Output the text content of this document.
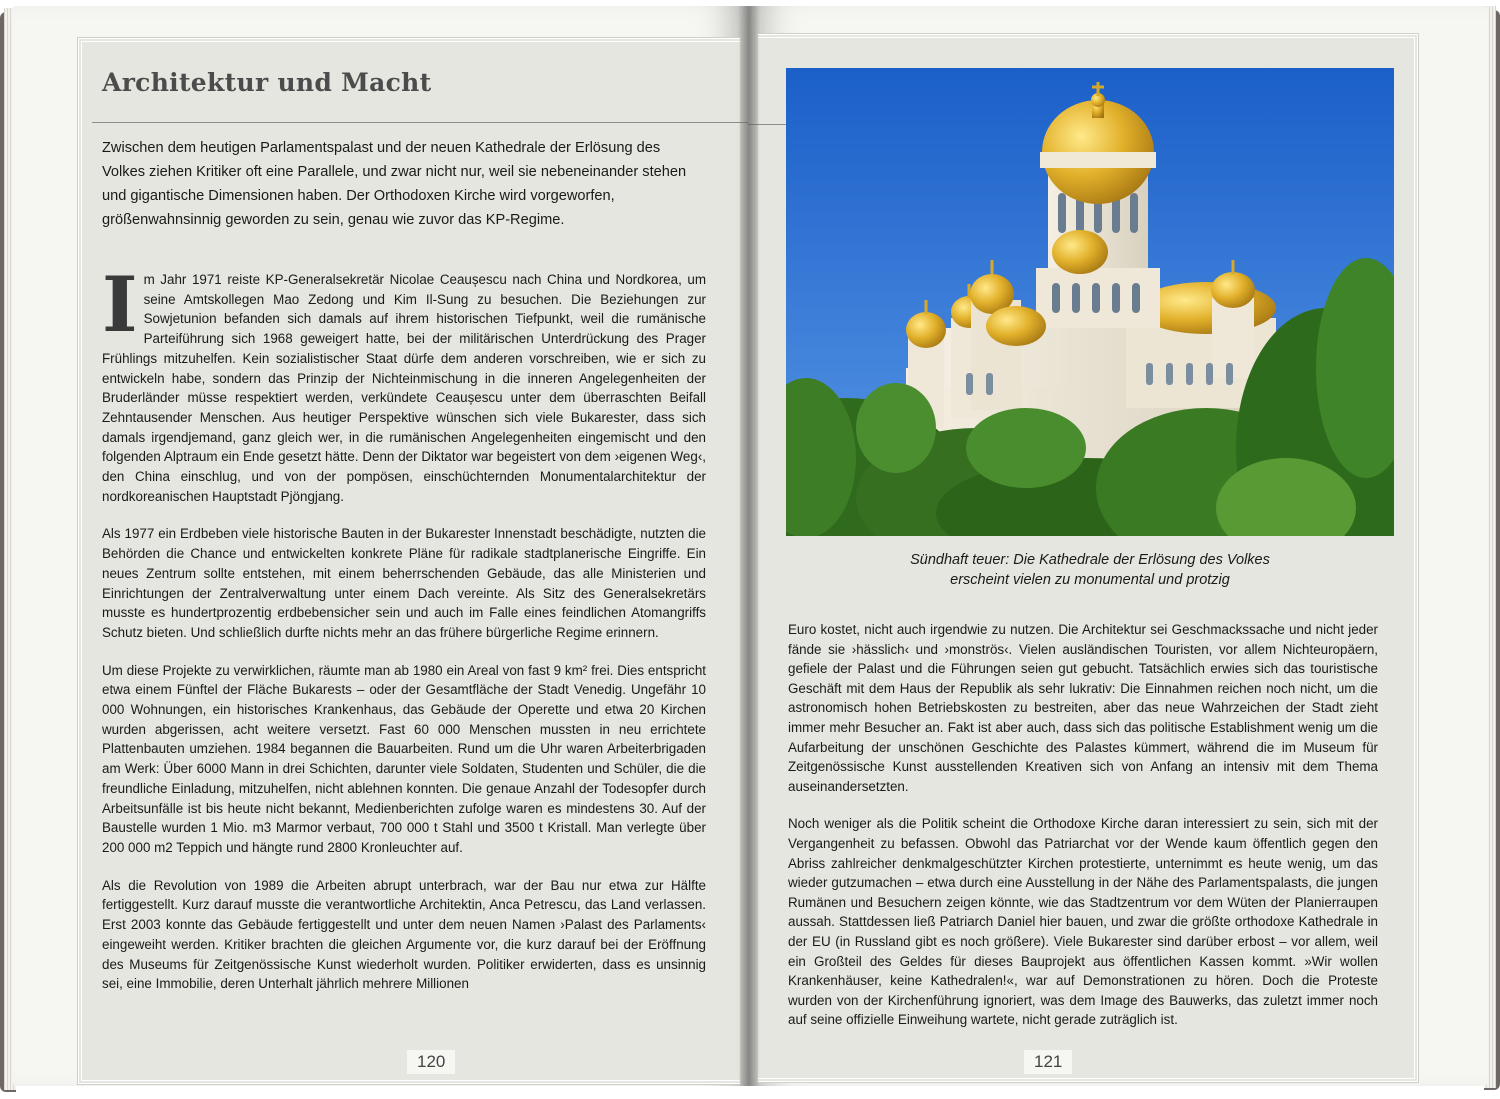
Architektur und Macht
Zwischen dem heutigen Parlamentspalast und der neuen Kathedrale der Erlösung des Volkes ziehen Kritiker oft eine Parallele, und zwar nicht nur, weil sie nebeneinander stehen und gigantische Dimensionen haben. Der Orthodoxen Kirche wird vorgeworfen, größenwahnsinnig geworden zu sein, genau wie zuvor das KP-Regime.

Im Jahr 1971 reiste KP-Generalsekretär Nicolae Ceaușescu nach China und Nordkorea, um seine Amtskollegen Mao Zedong und Kim Il-Sung zu besuchen. Die Beziehungen zur Sowjetunion befanden sich damals auf ihrem historischen Tiefpunkt, weil die rumänische Parteiführung sich 1968 geweigert hatte, bei der militärischen Unterdrückung des Prager Frühlings mitzuhelfen. Kein sozialistischer Staat dürfe dem anderen vorschreiben, wie er sich zu entwickeln habe, sondern das Prinzip der Nichteinmischung in die inneren Angelegenheiten der Bruderländer müsse respektiert werden, verkündete Ceaușescu unter dem überraschten Beifall Zehntausender Menschen. Aus heutiger Perspektive wünschen sich viele Bukarester, dass sich damals irgendjemand, ganz gleich wer, in die rumänischen Angelegenheiten eingemischt und den folgenden Alptraum ein Ende gesetzt hätte. Denn der Diktator war begeistert von dem ›eigenen Weg‹, den China einschlug, und von der pompösen, einschüchternden Monumentalarchitektur der nordkoreanischen Hauptstadt Pjöngjang.

Als 1977 ein Erdbeben viele historische Bauten in der Bukarester Innenstadt beschädigte, nutzten die Behörden die Chance und entwickelten konkrete Pläne für radikale stadtplanerische Eingriffe. Ein neues Zentrum sollte entstehen, mit einem beherrschenden Gebäude, das alle Ministerien und Einrichtungen der Zentralverwaltung unter einem Dach vereinte. Als Sitz des Generalsekretärs musste es hundertprozentig erdbebensicher sein und auch im Falle eines feindlichen Atomangriffs Schutz bieten. Und schließlich durfte nichts mehr an das frühere bürgerliche Regime erinnern.

Um diese Projekte zu verwirklichen, räumte man ab 1980 ein Areal von fast 9 km² frei. Dies entspricht etwa einem Fünftel der Fläche Bukarests – oder der Gesamtfläche der Stadt Venedig. Ungefähr 10 000 Wohnungen, ein historisches Krankenhaus, das Gebäude der Operette und etwa 20 Kirchen wurden abgerissen, acht weitere versetzt. Fast 60 000 Menschen mussten in neu errichtete Plattenbauten umziehen. 1984 begannen die Bauarbeiten. Rund um die Uhr waren Arbeiterbrigaden am Werk: Über 6000 Mann in drei Schichten, darunter viele Soldaten, Studenten und Schüler, die die freundliche Einladung, mitzuhelfen, nicht ablehnen konnten. Die genaue Anzahl der Todesopfer durch Arbeitsunfälle ist bis heute nicht bekannt, Medienberichten zufolge waren es mindestens 30. Auf der Baustelle wurden 1 Mio. m3 Marmor verbaut, 700 000 t Stahl und 3500 t Kristall. Man verlegte über 200 000 m2 Teppich und hängte rund 2800 Kronleuchter auf.

Als die Revolution von 1989 die Arbeiten abrupt unterbrach, war der Bau nur etwa zur Hälfte fertiggestellt. Kurz darauf musste die verantwortliche Architektin, Anca Petrescu, das Land verlassen. Erst 2003 konnte das Gebäude fertiggestellt und unter dem neuen Namen ›Palast des Parlaments‹ eingeweiht werden. Kritiker brachten die gleichen Argumente vor, die kurz darauf bei der Eröffnung des Museums für Zeitgenössische Kunst wiederholt wurden. Politiker erwiderten, dass es unsinnig sei, eine Immobilie, deren Unterhalt jährlich mehrere Millionen

120
Sündhaft teuer: Die Kathedrale der Erlösung des Volkes
erscheint vielen zu monumental und protzig

Euro kostet, nicht auch irgendwie zu nutzen. Die Architektur sei Geschmackssache und nicht jeder fände sie ›hässlich‹ und ›monströs‹. Vielen ausländischen Touristen, vor allem Nichteuropäern, gefiele der Palast und die Führungen seien gut gebucht. Tatsächlich erwies sich das touristische Geschäft mit dem Haus der Republik als sehr lukrativ: Die Einnahmen reichen noch nicht, um die astronomisch hohen Betriebskosten zu bestreiten, aber das neue Wahrzeichen der Stadt zieht immer mehr Besucher an. Fakt ist aber auch, dass sich das politische Establishment wenig um die Aufarbeitung der unschönen Geschichte des Palastes kümmert, während die im Museum für Zeitgenössische Kunst ausstellenden Kreativen sich von Anfang an intensiv mit dem Thema auseinandersetzten.

Noch weniger als die Politik scheint die Orthodoxe Kirche daran interessiert zu sein, sich mit der Vergangenheit zu befassen. Obwohl das Patriarchat vor der Wende kaum öffentlich gegen den Abriss zahlreicher denkmalgeschützter Kirchen protestierte, unternimmt es heute wenig, um das wieder gutzumachen – etwa durch eine Ausstellung in der Nähe des Parlamentspalasts, die jungen Rumänen und Besuchern zeigen könnte, wie das Stadtzentrum vor dem Wüten der Planierraupen aussah. Stattdessen ließ Patriarch Daniel hier bauen, und zwar die größte orthodoxe Kathedrale in der EU (in Russland gibt es noch größere). Viele Bukarester sind darüber erbost – vor allem, weil ein Großteil des Geldes für dieses Bauprojekt aus öffentlichen Kassen kommt. »Wir wollen Krankenhäuser, keine Kathedralen!«, war auf Demonstrationen zu hören. Doch die Proteste wurden von der Kirchenführung ignoriert, was dem Image des Bauwerks, das zuletzt immer noch auf seine offizielle Einweihung wartete, nicht gerade zuträglich ist.

121
